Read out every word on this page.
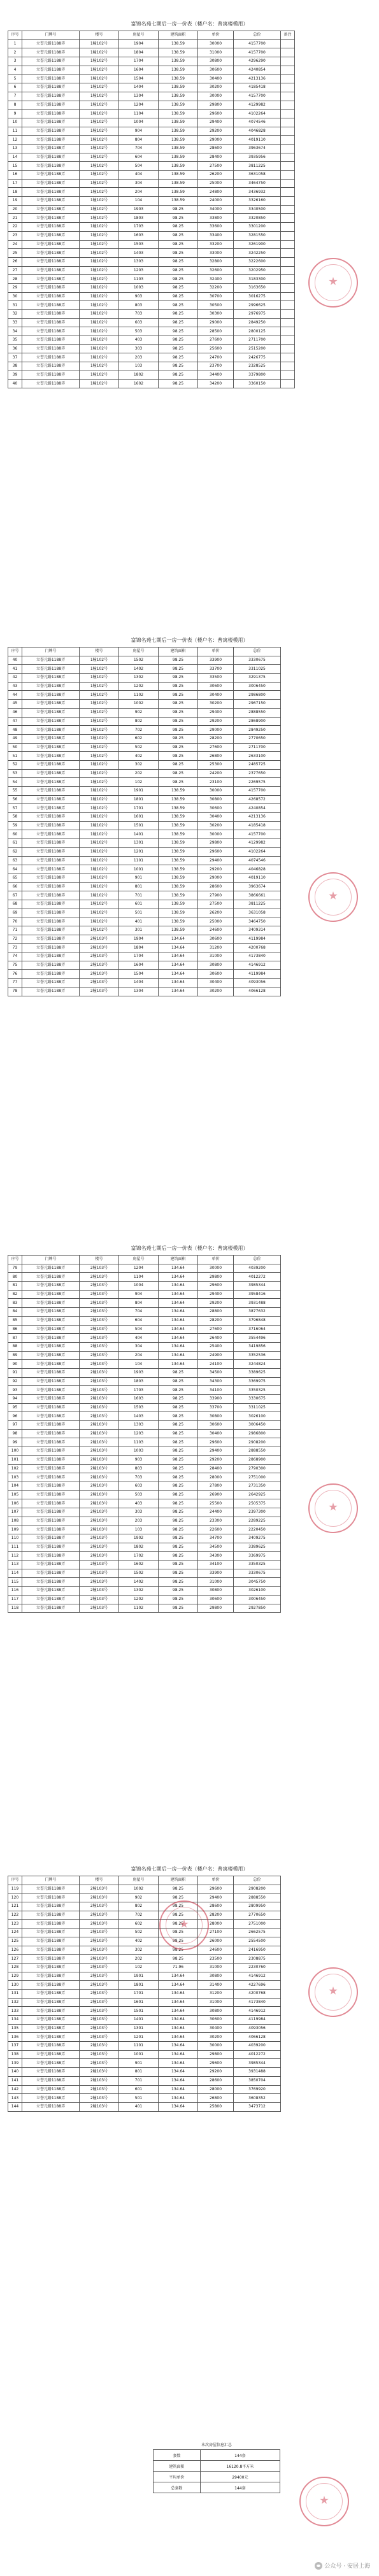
富锦名苑七期后一房一价表（楼户名：普寓楼模用）
序号	门牌号	楼号	房屋号	建筑面积	单价	总价	备注
1	立誉元路1188弄	1幢102号	1904	138.59	30000	4157700	
2	立誉元路1188弄	1幢102号	1804	138.59	31000	4157700	
3	立誉元路1188弄	1幢102号	1704	138.59	30800	4296290	
4	立誉元路1188弄	1幢102号	1604	138.59	30600	4240854	
5	立誉元路1188弄	1幢102号	1504	138.59	30400	4213136	
6	立誉元路1188弄	1幢102号	1404	138.59	30200	4185418	
7	立誉元路1188弄	1幢102号	1304	138.59	30000	4157700	
8	立誉元路1188弄	1幢102号	1204	138.59	29800	4129982	
9	立誉元路1188弄	1幢102号	1104	138.59	29600	4102264	
10	立誉元路1188弄	1幢102号	1004	138.59	29400	4074546	
11	立誉元路1188弄	1幢102号	904	138.59	29200	4046828	
12	立誉元路1188弄	1幢102号	804	138.59	29000	4019110	
13	立誉元路1188弄	1幢102号	704	138.59	28600	3963674	
14	立誉元路1188弄	1幢102号	604	138.59	28400	3935956	
15	立誉元路1188弄	1幢102号	504	138.59	27500	3811225	
16	立誉元路1188弄	1幢102号	404	138.59	26200	3631058	
17	立誉元路1188弄	1幢102号	304	138.59	25000	3464750	
18	立誉元路1188弄	1幢102号	204	138.59	24800	3436932	
19	立誉元路1188弄	1幢102号	104	138.59	24000	3326160	
20	立誉元路1188弄	1幢102号	1903	98.25	34000	3340500	
21	立誉元路1188弄	1幢102号	1803	98.25	33800	3320850	
22	立誉元路1188弄	1幢102号	1703	98.25	33600	3301200	
23	立誉元路1188弄	1幢102号	1603	98.25	33400	3281550	
24	立誉元路1188弄	1幢102号	1503	98.25	33200	3261900	
25	立誉元路1188弄	1幢102号	1403	98.25	33000	3242250	
26	立誉元路1188弄	1幢102号	1303	98.25	32800	3222600	
27	立誉元路1188弄	1幢102号	1203	98.25	32600	3202950	
28	立誉元路1188弄	1幢102号	1103	98.25	32400	3183300	
29	立誉元路1188弄	1幢102号	1003	98.25	32200	3163650	
30	立誉元路1188弄	1幢102号	903	98.25	30700	3016275	
31	立誉元路1188弄	1幢102号	803	98.25	30500	2996625	
32	立誉元路1188弄	1幢102号	703	98.25	30300	2976975	
33	立誉元路1188弄	1幢102号	603	98.25	29000	2849250	
34	立誉元路1188弄	1幢102号	503	98.25	28500	2800125	
35	立誉元路1188弄	1幢102号	403	98.25	27600	2711700	
36	立誉元路1188弄	1幢102号	303	98.25	25600	2515200	
37	立誉元路1188弄	1幢102号	203	98.25	24700	2426775	
38	立誉元路1188弄	1幢102号	103	98.25	23700	2328525	
39	立誉元路1188弄	1幢102号	1802	98.25	34400	3379800	
40	立誉元路1188弄	1幢102号	1602	98.25	34200	3360150	
富锦名苑七期后一房一价表（楼户名：普寓楼模用）
序号	门牌号	楼号	房屋号	建筑面积	单价	总价
40	立誉元路1188弄	1幢102号	1502	98.25	33900	3330675
41	立誉元路1188弄	1幢102号	1402	98.25	33700	3311025
42	立誉元路1188弄	1幢102号	1302	98.25	33500	3291375
43	立誉元路1188弄	1幢102号	1202	98.25	30600	3006450
44	立誉元路1188弄	1幢102号	1102	98.25	30400	2986800
45	立誉元路1188弄	1幢102号	1002	98.25	30200	2967150
46	立誉元路1188弄	1幢102号	902	98.25	29400	2888550
47	立誉元路1188弄	1幢102号	802	98.25	29200	2868900
48	立誉元路1188弄	1幢102号	702	98.25	29000	2849250
49	立誉元路1188弄	1幢102号	602	98.25	28200	2770650
50	立誉元路1188弄	1幢102号	502	98.25	27600	2711700
51	立誉元路1188弄	1幢102号	402	98.25	26800	2633100
52	立誉元路1188弄	1幢102号	302	98.25	25300	2485725
53	立誉元路1188弄	1幢102号	202	98.25	24200	2377650
54	立誉元路1188弄	1幢102号	102	98.25	23100	2269575
55	立誉元路1188弄	1幢102号	1901	138.59	30000	4157700
56	立誉元路1188弄	1幢102号	1801	138.59	30800	4268572
57	立誉元路1188弄	1幢102号	1701	138.59	30600	4240854
58	立誉元路1188弄	1幢102号	1601	138.59	30400	4213136
59	立誉元路1188弄	1幢102号	1501	138.59	30200	4185418
60	立誉元路1188弄	1幢102号	1401	138.59	30000	4157700
61	立誉元路1188弄	1幢102号	1301	138.59	29800	4129982
62	立誉元路1188弄	1幢102号	1201	138.59	29600	4102264
63	立誉元路1188弄	1幢102号	1101	138.59	29400	4074546
64	立誉元路1188弄	1幢102号	1001	138.59	29200	4046828
65	立誉元路1188弄	1幢102号	901	138.59	29000	4019110
66	立誉元路1188弄	1幢102号	801	138.59	28600	3963674
67	立誉元路1188弄	1幢102号	701	138.59	27900	3866661
68	立誉元路1188弄	1幢102号	601	138.59	27500	3811225
69	立誉元路1188弄	1幢102号	501	138.59	26200	3631058
70	立誉元路1188弄	1幢102号	401	138.59	25000	3464750
71	立誉元路1188弄	1幢102号	301	138.59	24600	3409314
72	立誉元路1188弄	2幢103号	1904	134.64	30600	4119984
73	立誉元路1188弄	2幢103号	1804	134.64	31200	4200768
74	立誉元路1188弄	2幢103号	1704	134.64	31000	4173840
75	立誉元路1188弄	2幢103号	1604	134.64	30800	4146912
76	立誉元路1188弄	2幢103号	1504	134.64	30600	4119984
77	立誉元路1188弄	2幢103号	1404	134.64	30400	4093056
78	立誉元路1188弄	2幢103号	1304	134.64	30200	4066128
富锦名苑七期后一房一价表（楼户名：普寓楼模用）
序号	门牌号	楼号	房屋号	建筑面积	单价	总价
79	立誉元路1188弄	2幢103号	1204	134.64	30000	4039200
80	立誉元路1188弄	2幢103号	1104	134.64	29800	4012272
81	立誉元路1188弄	2幢103号	1004	134.64	29600	3985344
82	立誉元路1188弄	2幢103号	904	134.64	29400	3958416
83	立誉元路1188弄	2幢103号	804	134.64	29200	3931488
84	立誉元路1188弄	2幢103号	704	134.64	28800	3877632
85	立誉元路1188弄	2幢103号	604	134.64	28200	3796848
86	立誉元路1188弄	2幢103号	504	134.64	27600	3716064
87	立誉元路1188弄	2幢103号	404	134.64	26400	3554496
88	立誉元路1188弄	2幢103号	304	134.64	25400	3419856
89	立誉元路1188弄	2幢103号	204	134.64	24900	3352536
90	立誉元路1188弄	2幢103号	104	134.64	24100	3244824
91	立誉元路1188弄	2幢103号	1903	98.25	34500	3389625
92	立誉元路1188弄	2幢103号	1803	98.25	34300	3369975
93	立誉元路1188弄	2幢103号	1703	98.25	34100	3350325
94	立誉元路1188弄	2幢103号	1603	98.25	33900	3330675
95	立誉元路1188弄	2幢103号	1503	98.25	33700	3311025
96	立誉元路1188弄	2幢103号	1403	98.25	30800	3026100
97	立誉元路1188弄	2幢103号	1303	98.25	30600	3006450
98	立誉元路1188弄	2幢103号	1203	98.25	30400	2986800
99	立誉元路1188弄	2幢103号	1103	98.25	29600	2908200
100	立誉元路1188弄	2幢103号	1003	98.25	29400	2888550
101	立誉元路1188弄	2幢103号	903	98.25	29200	2868900
102	立誉元路1188弄	2幢103号	803	98.25	28400	2790300
103	立誉元路1188弄	2幢103号	703	98.25	28000	2751000
104	立誉元路1188弄	2幢103号	603	98.25	27800	2731350
105	立誉元路1188弄	2幢103号	503	98.25	26900	2642925
106	立誉元路1188弄	2幢103号	403	98.25	25500	2505375
107	立誉元路1188弄	2幢103号	303	98.25	24400	2397300
108	立誉元路1188弄	2幢103号	203	98.25	23300	2289225
109	立誉元路1188弄	2幢103号	103	98.25	22600	2220450
110	立誉元路1188弄	2幢103号	1902	98.25	34700	3409275
111	立誉元路1188弄	2幢103号	1802	98.25	34500	3389625
112	立誉元路1188弄	2幢103号	1702	98.25	34300	3369975
113	立誉元路1188弄	2幢103号	1602	98.25	34100	3350325
114	立誉元路1188弄	2幢103号	1502	98.25	33900	3330675
115	立誉元路1188弄	2幢103号	1402	98.25	31000	3045750
116	立誉元路1188弄	2幢103号	1302	98.25	30800	3026100
117	立誉元路1188弄	2幢103号	1202	98.25	30600	3006450
118	立誉元路1188弄	2幢103号	1102	98.25	29800	2927850
富锦名苑七期后一房一价表（楼户名：普寓楼模用）
序号	门牌号	楼号	房屋号	建筑面积	单价	总价
119	立誉元路1188弄	2幢103号	1002	98.25	29600	2908200
120	立誉元路1188弄	2幢103号	902	98.25	29400	2888550
121	立誉元路1188弄	2幢103号	802	98.25	28600	2809950
122	立誉元路1188弄	2幢103号	702	98.25	28200	2770650
123	立誉元路1188弄	2幢103号	602	98.25	28000	2751000
124	立誉元路1188弄	2幢103号	502	98.25	27100	2662575
125	立誉元路1188弄	2幢103号	402	98.25	26000	2554500
126	立誉元路1188弄	2幢103号	302	98.25	24600	2416950
127	立誉元路1188弄	2幢103号	202	98.25	23500	2308875
128	立誉元路1188弄	2幢103号	102	71.96	31000	2230760
129	立誉元路1188弄	2幢103号	1901	134.64	30800	4146912
130	立誉元路1188弄	2幢103号	1801	134.64	31400	4227696
131	立誉元路1188弄	2幢103号	1701	134.64	31200	4200768
132	立誉元路1188弄	2幢103号	1601	134.64	31000	4173840
133	立誉元路1188弄	2幢103号	1501	134.64	30800	4146912
134	立誉元路1188弄	2幢103号	1401	134.64	30600	4119984
135	立誉元路1188弄	2幢103号	1301	134.64	30400	4093056
136	立誉元路1188弄	2幢103号	1201	134.64	30200	4066128
137	立誉元路1188弄	2幢103号	1101	134.64	30000	4039200
138	立誉元路1188弄	2幢103号	1001	134.64	29800	4012272
139	立誉元路1188弄	2幢103号	901	134.64	29600	3985344
140	立誉元路1188弄	2幢103号	801	134.64	29200	3931488
141	立誉元路1188弄	2幢103号	701	134.64	28600	3850704
142	立誉元路1188弄	2幢103号	601	134.64	28000	3769920
143	立誉元路1188弄	2幢103号	501	134.64	26800	3608352
144	立誉元路1188弄	2幢103号	401	134.64	25800	3473712
本次房屋信息汇总
套数	144套
建筑面积	16120.8平方米
平均单价	29400元
总套数	144套
公众号 · 安居上海
